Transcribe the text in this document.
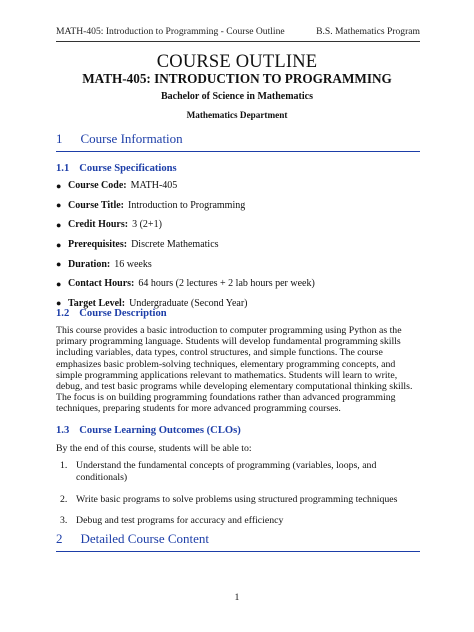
MATH-405: Introduction to Programming - Course Outline	B.S. Mathematics Program
COURSE OUTLINE
MATH-405: INTRODUCTION TO PROGRAMMING
Bachelor of Science in Mathematics
Mathematics Department
1 Course Information
1.1 Course Specifications
● Course Code: MATH-405
● Course Title: Introduction to Programming
● Credit Hours: 3 (2+1)
● Prerequisites: Discrete Mathematics
● Duration: 16 weeks
● Contact Hours: 64 hours (2 lectures + 2 lab hours per week)
● Target Level: Undergraduate (Second Year)
1.2 Course Description

This course provides a basic introduction to computer programming using Python as the primary programming language. Students will develop fundamental programming skills including variables, data types, control structures, and simple functions. The course emphasizes basic problem-solving techniques, elementary programming concepts, and simple programming applications relevant to mathematics. Students will learn to write, debug, and test basic programs while developing elementary computational thinking skills. The focus is on building programming foundations rather than advanced programming techniques, preparing students for more advanced programming courses.

1.3 Course Learning Outcomes (CLOs)

By the end of this course, students will be able to:

1. Understand the fundamental concepts of programming (variables, loops, and conditionals)
2. Write basic programs to solve problems using structured programming techniques
3. Debug and test programs for accuracy and efficiency
2 Detailed Course Content
1
